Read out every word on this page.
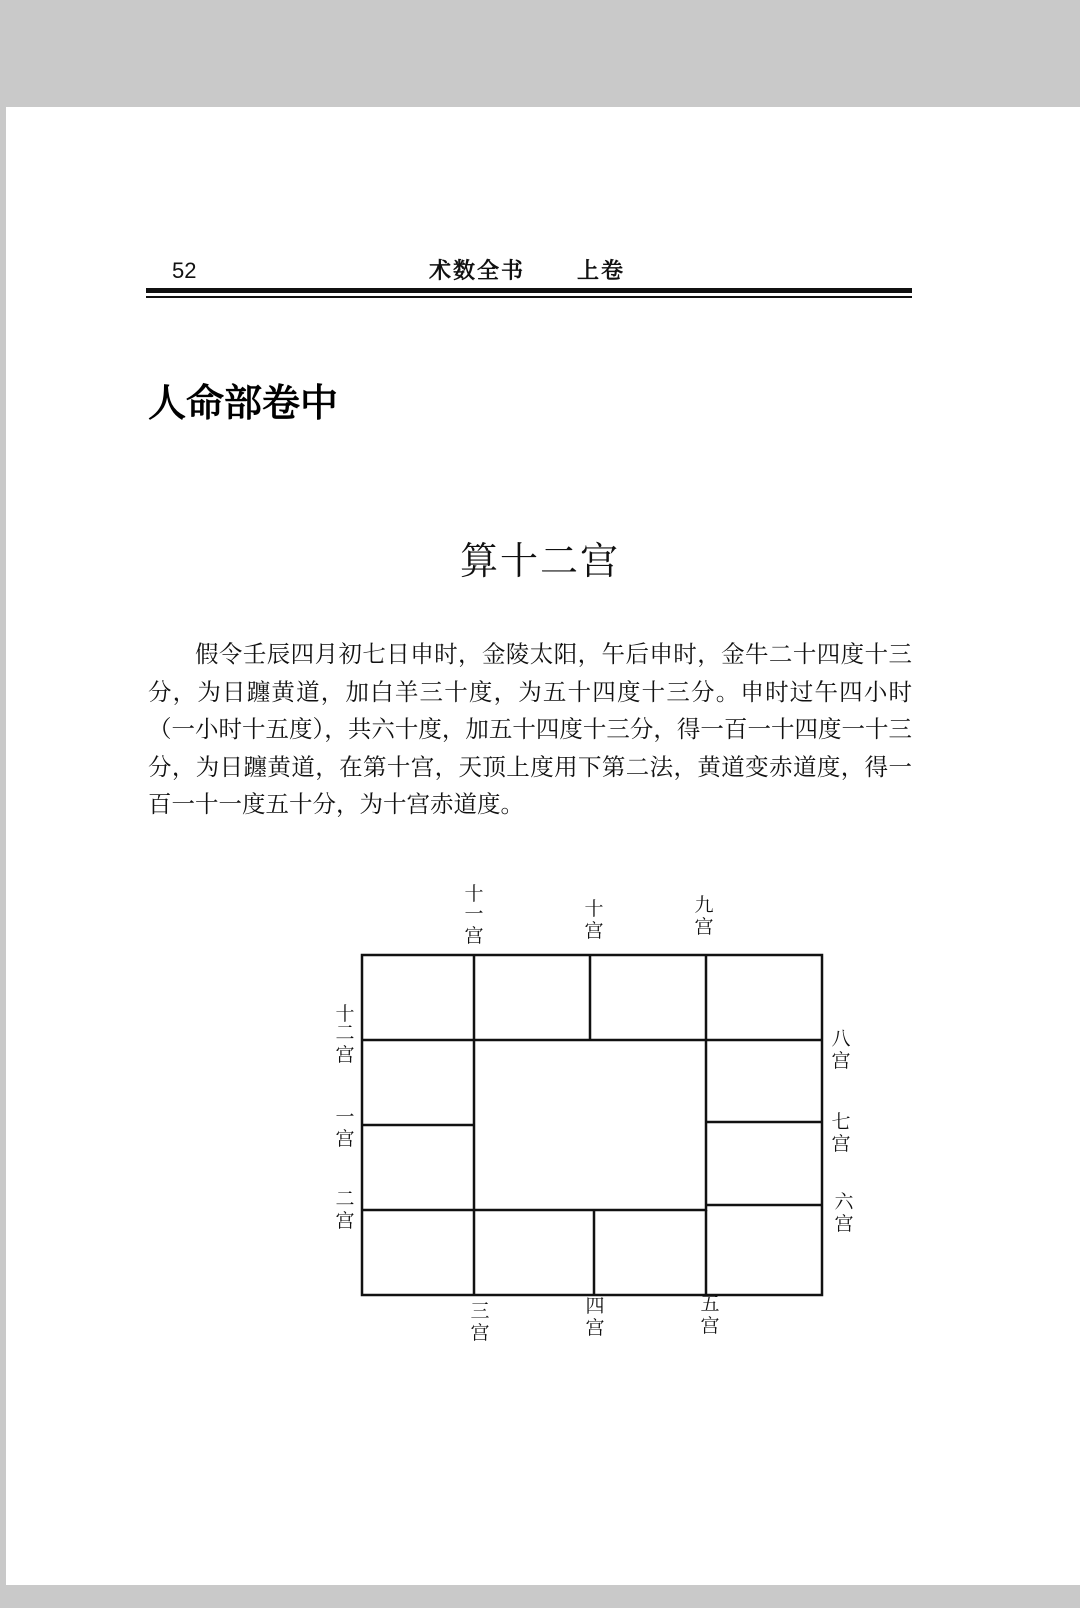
52	术数全书 上卷
人命部卷中
算十二宫
假令壬辰四月初七日申时，金陵太阳，午后申时，金牛二十四度十三分，为日躔黄道，加白羊三十度，为五十四度十三分。申时过午四小时（一小时十五度），共六十度，加五十四度十三分，得一百一十四度一十三分，为日躔黄道，在第十宫，天顶上度用下第二法，黄道变赤道度，得一百一十一度五十分，为十宫赤道度。
十
一
宫
十
宫
九
宫
十
二
宫
一
宫
二
宫
八
宫
七
宫
六
宫
三
宫
四
宫
五
宫
